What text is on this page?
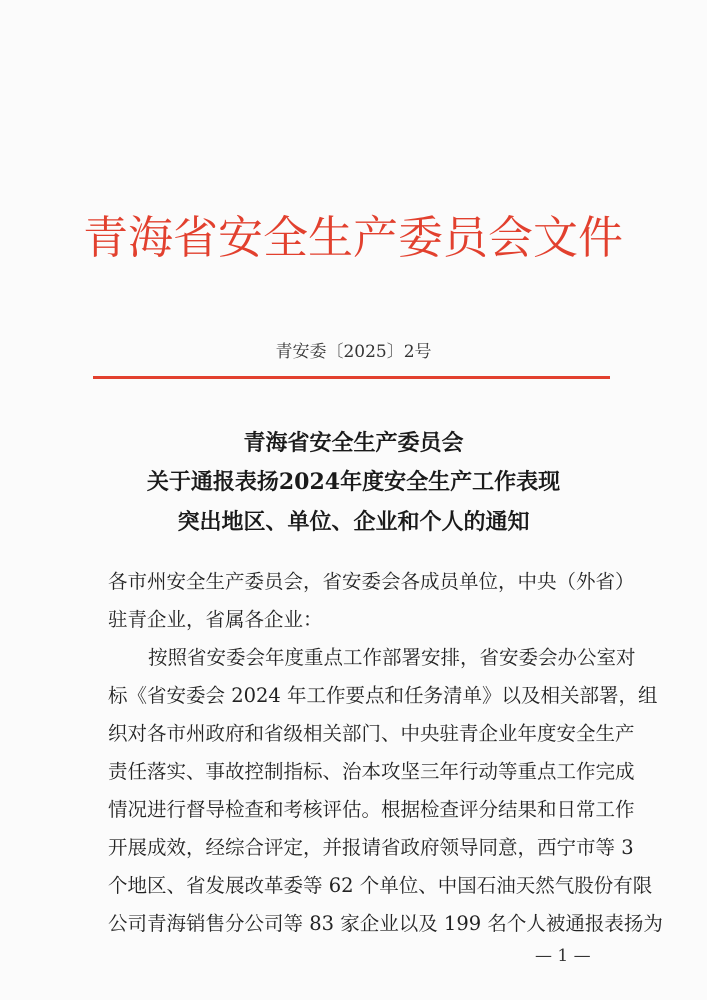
青海省安全生产委员会文件
青安委〔2025〕2号
青海省安全生产委员会
关于通报表扬2024年度安全生产工作表现
突出地区、单位、企业和个人的通知
各市州安全生产委员会，省安委会各成员单位，中央（外省）
驻青企业，省属各企业：
按照省安委会年度重点工作部署安排，省安委会办公室对
标《省安委会 2024 年工作要点和任务清单》以及相关部署，组
织对各市州政府和省级相关部门、中央驻青企业年度安全生产
责任落实、事故控制指标、治本攻坚三年行动等重点工作完成
情况进行督导检查和考核评估。根据检查评分结果和日常工作
开展成效，经综合评定，并报请省政府领导同意，西宁市等 3
个地区、省发展改革委等 62 个单位、中国石油天然气股份有限
公司青海销售分公司等 83 家企业以及 199 名个人被通报表扬为
— 1 —
